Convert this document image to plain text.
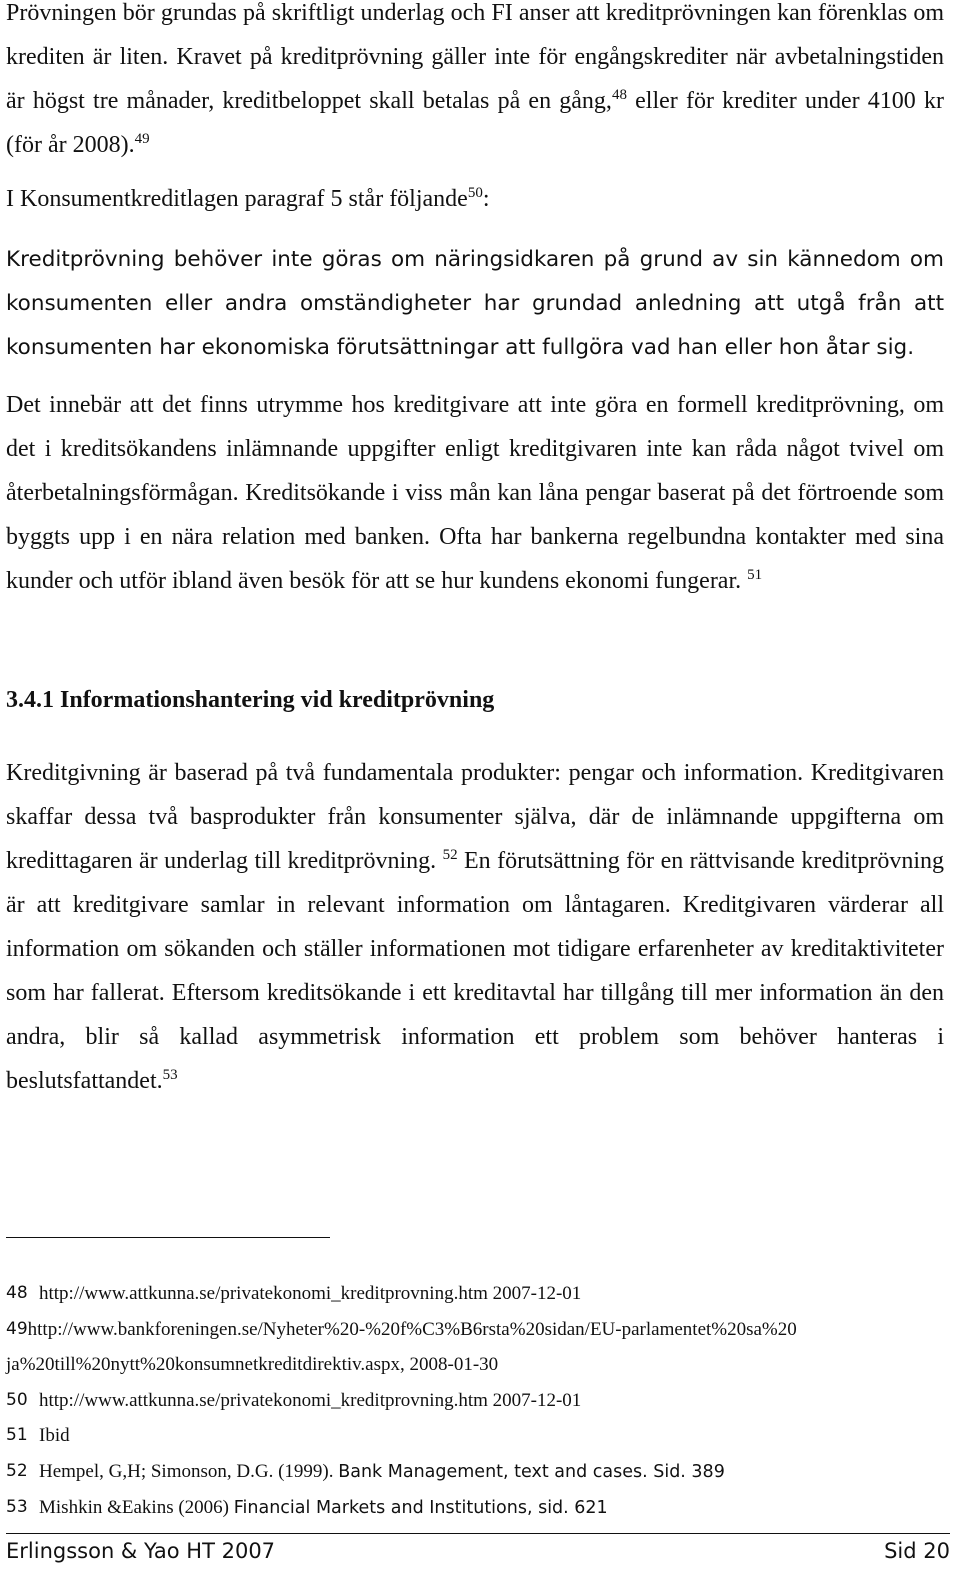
Prövningen bör grundas på skriftligt underlag och FI anser att kreditprövningen kan förenklas om krediten är liten. Kravet på kreditprövning gäller inte för engångskrediter när avbetalningstiden är högst tre månader, kreditbeloppet skall betalas på en gång,$^{48}$ eller för krediter under 4100 kr (för år 2008).$^{49}$

I Konsumentkreditlagen paragraf 5 står följande$^{50}$:

Kreditprövning behöver inte göras om näringsidkaren på grund av sin kännedom om konsumenten eller andra omständigheter har grundad anledning att utgå från att konsumenten har ekonomiska förutsättningar att fullgöra vad han eller hon åtar sig.

Det innebär att det finns utrymme hos kreditgivare att inte göra en formell kreditprövning, om det i kreditsökandens inlämnande uppgifter enligt kreditgivaren inte kan råda något tvivel om återbetalningsförmågan. Kreditsökande i viss mån kan låna pengar baserat på det förtroende som byggts upp i en nära relation med banken. Ofta har bankerna regelbundna kontakter med sina kunder och utför ibland även besök för att se hur kundens ekonomi fungerar. $^{51}$

3.4.1 Informationshantering vid kreditprövning

Kreditgivning är baserad på två fundamentala produkter: pengar och information. Kreditgivaren skaffar dessa två basprodukter från konsumenter själva, där de inlämnande uppgifterna om kredittagaren är underlag till kreditprövning. $^{52}$ En förutsättning för en rättvisande kreditprövning är att kreditgivare samlar in relevant information om låntagaren. Kreditgivaren värderar all information om sökanden och ställer informationen mot tidigare erfarenheter av kreditaktiviteter som har fallerat. Eftersom kreditsökande i ett kreditavtal har tillgång till mer information än den andra, blir så kallad asymmetrisk information ett problem som behöver hanteras i beslutsfattandet.$^{53}$

48 http://www.attkunna.se/privatekonomi_kreditprovning.htm 2007-12-01
49 http://www.bankforeningen.se/Nyheter%20-%20f%C3%B6rsta%20sidan/EU-parlamentet%20sa%20
ja%20till%20nytt%20konsumnetkreditdirektiv.aspx, 2008-01-30
50 http://www.attkunna.se/privatekonomi_kreditprovning.htm 2007-12-01
51 Ibid
52 Hempel, G,H; Simonson, D.G. (1999). Bank Management, text and cases. Sid. 389
53 Mishkin &Eakins (2006) Financial Markets and Institutions, sid. 621
Erlingsson & Yao HT 2007	Sid 20
